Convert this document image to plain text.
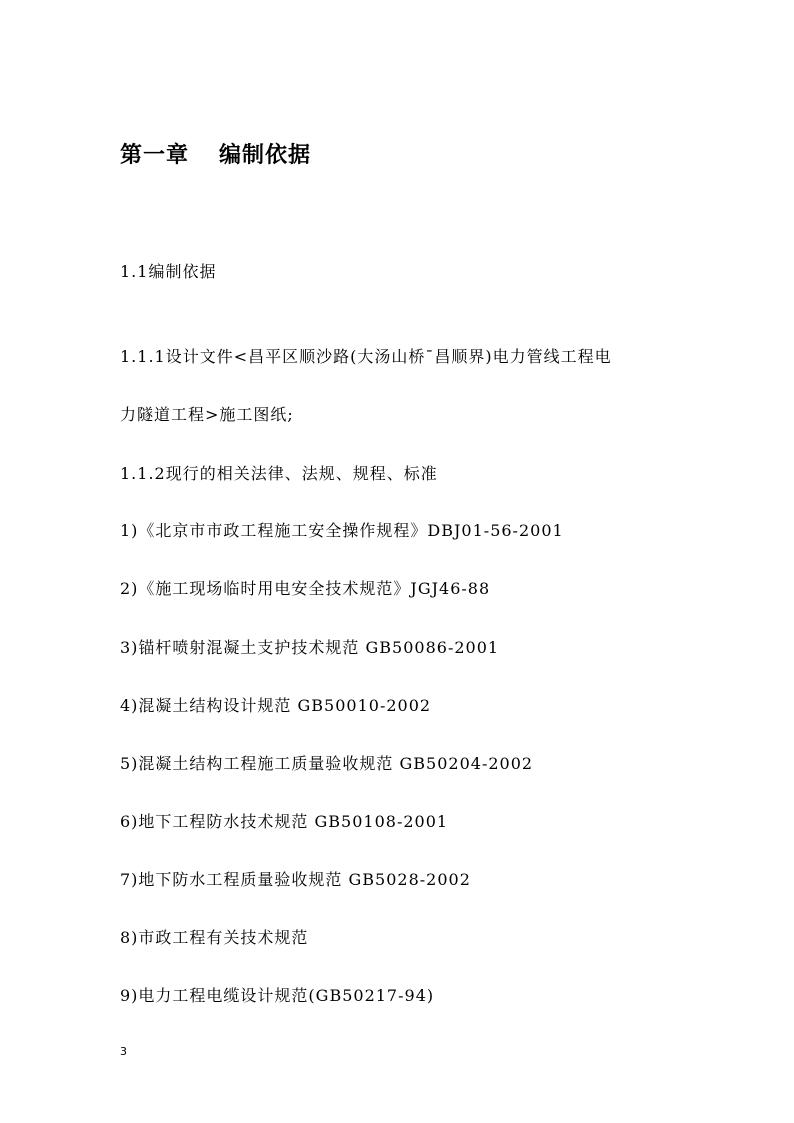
第一章 编制依据
1.1编制依据
1.1.1设计文件<昌平区顺沙路(大汤山桥¯昌顺界)电力管线工程电
力隧道工程>施工图纸;
1.1.2现行的相关法律、法规、规程、标准
1)《北京市市政工程施工安全操作规程》DBJ01-56-2001
2)《施工现场临时用电安全技术规范》JGJ46-88
3)锚杆喷射混凝土支护技术规范 GB50086-2001
4)混凝土结构设计规范 GB50010-2002
5)混凝土结构工程施工质量验收规范 GB50204-2002
6)地下工程防水技术规范 GB50108-2001
7)地下防水工程质量验收规范 GB5028-2002
8)市政工程有关技术规范
9)电力工程电缆设计规范(GB50217-94)
3
